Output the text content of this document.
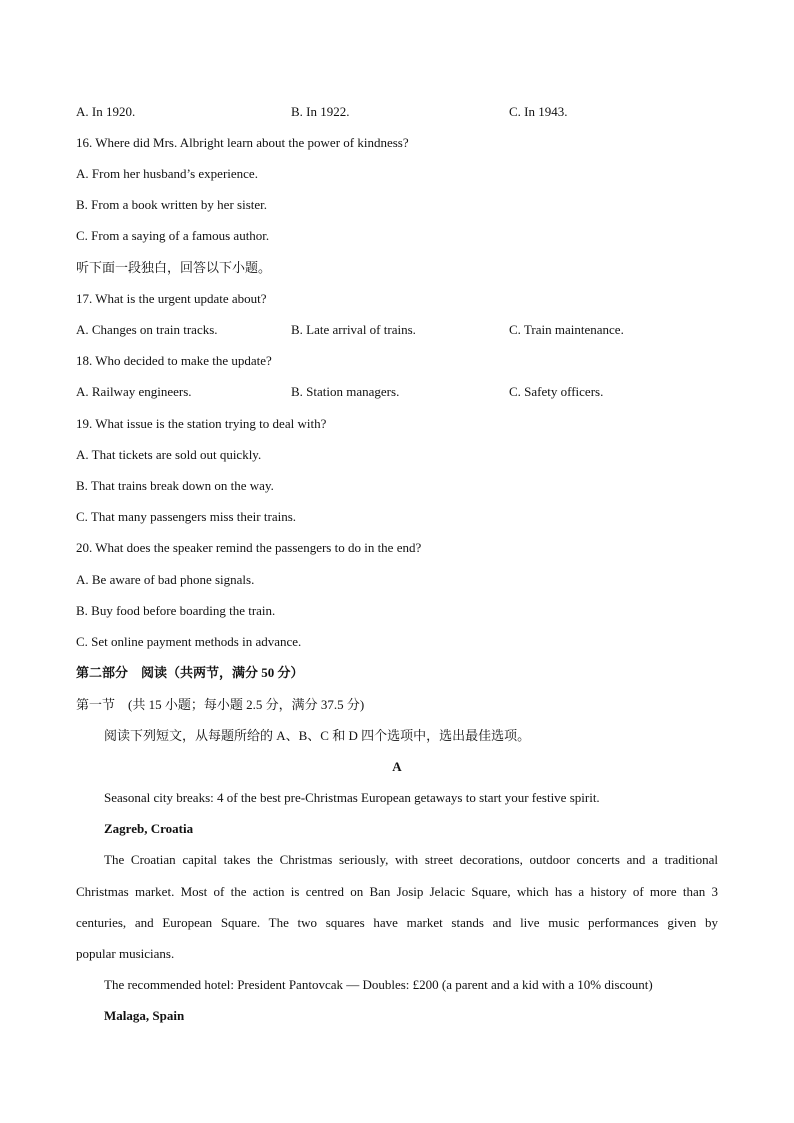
A. In 1920.	B. In 1922.	C. In 1943.
16. Where did Mrs. Albright learn about the power of kindness?
A. From her husband’s experience.
B. From a book written by her sister.
C. From a saying of a famous author.
听下面一段独白，回答以下小题。
17. What is the urgent update about?
A. Changes on train tracks.	B. Late arrival of trains.	C. Train maintenance.
18. Who decided to make the update?
A. Railway engineers.	B. Station managers.	C. Safety officers.
19. What issue is the station trying to deal with?
A. That tickets are sold out quickly.
B. That trains break down on the way.
C. That many passengers miss their trains.
20. What does the speaker remind the passengers to do in the end?
A. Be aware of bad phone signals.
B. Buy food before boarding the train.
C. Set online payment methods in advance.
第二部分　阅读（共两节，满分 50 分）
第一节　(共 15 小题；每小题 2.5 分，满分 37.5 分)
阅读下列短文，从每题所给的 A、B、C 和 D 四个选项中，选出最佳选项。
A
Seasonal city breaks: 4 of the best pre-Christmas European getaways to start your festive spirit.
Zagreb, Croatia
The Croatian capital takes the Christmas seriously, with street decorations, outdoor concerts and a traditional
Christmas market. Most of the action is centred on Ban Josip Jelacic Square, which has a history of more than 3
centuries, and European Square. The two squares have market stands and live music performances given by
popular musicians.
The recommended hotel: President Pantovcak — Doubles: £200 (a parent and a kid with a 10% discount)
Malaga, Spain
